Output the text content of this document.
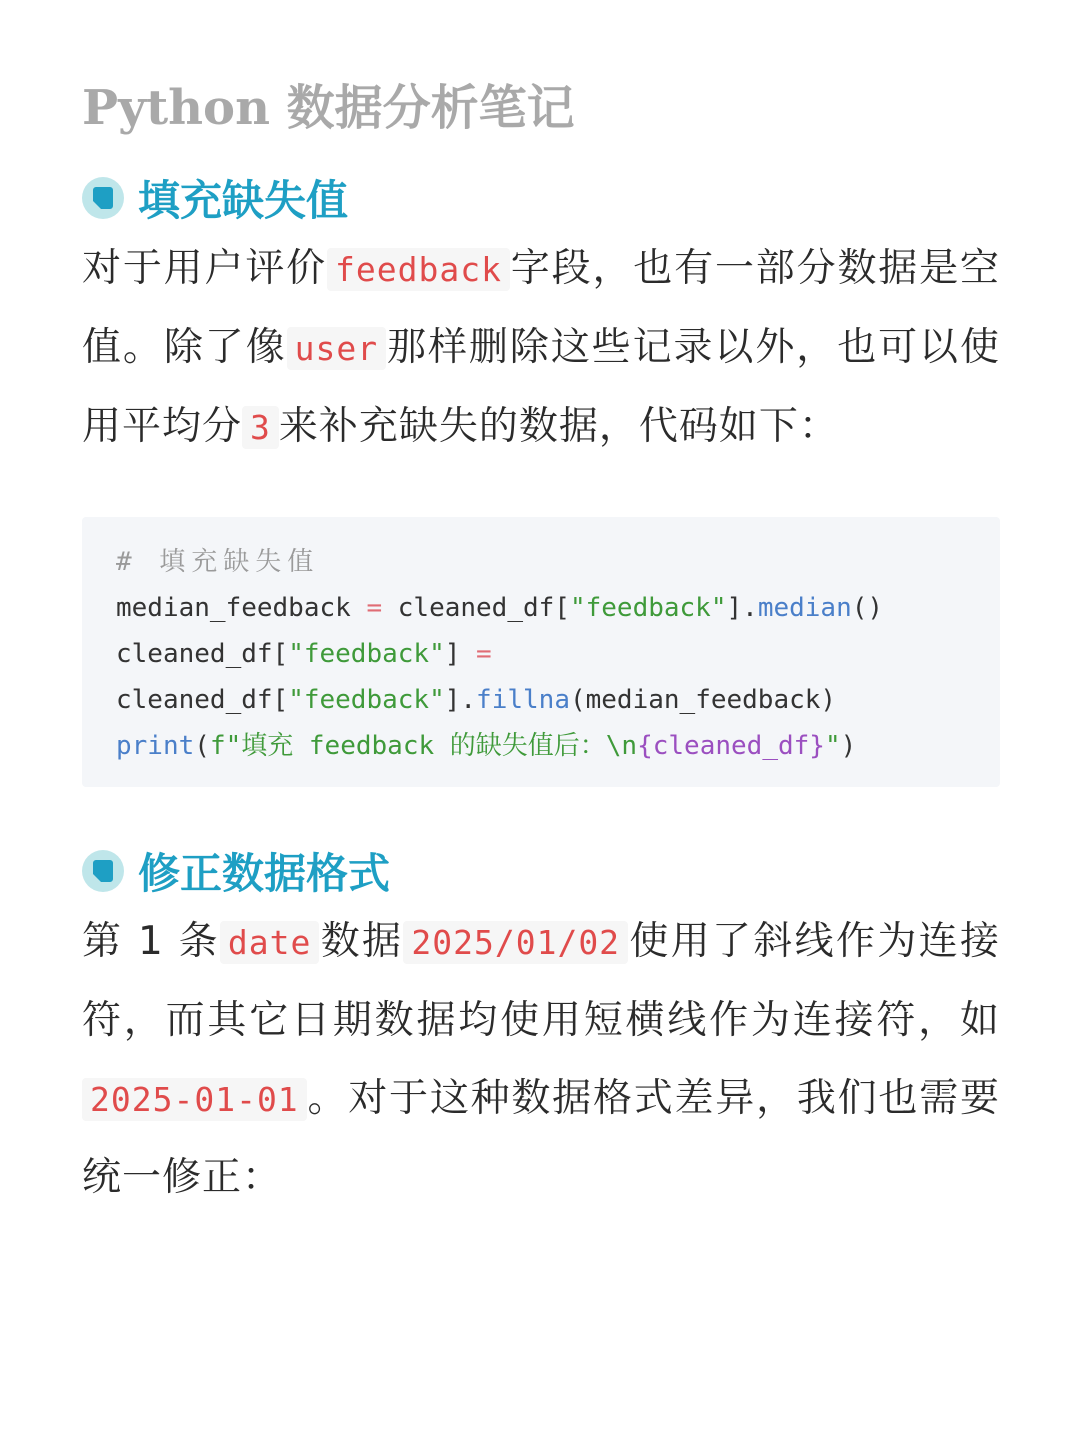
Python 数据分析笔记
填充缺失值

对于用户评价 feedback 字段，也有一部分数据是空值。除了像 user 那样删除这些记录以外，也可以使用平均分 3 来补充缺失的数据，代码如下：

# 填充缺失值
median_feedback = cleaned_df["feedback"].median()
cleaned_df["feedback"] =
cleaned_df["feedback"].fillna(median_feedback)
print(f"填充 feedback 的缺失值后：\n{cleaned_df}")
修正数据格式

第 1 条 date 数据 2025/01/02 使用了斜线作为连接符，而其它日期数据均使用短横线作为连接符，如2025-01-01 。对于这种数据格式差异，我们也需要统一修正：
